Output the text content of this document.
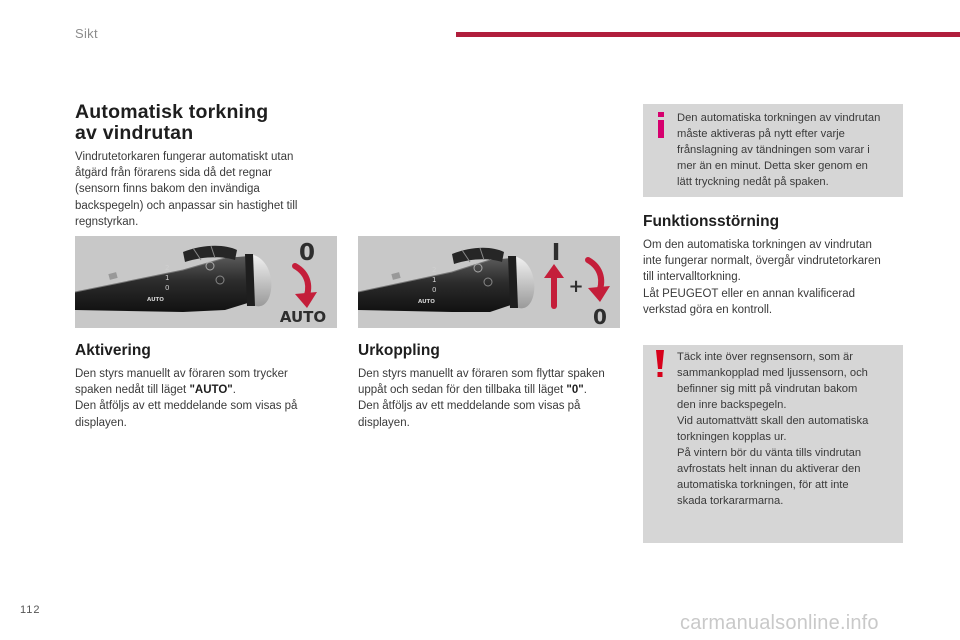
Sikt
Automatisk torkning
av vindrutan
Vindrutetorkaren fungerar automatiskt utan
åtgärd från förarens sida då det regnar
(sensorn finns bakom den invändiga
backspegeln) och anpassar sin hastighet till
regnstyrkan.
2
1
0
AUTO
0
AUTO
2
1
0
AUTO
I
+
0
Aktivering
Den styrs manuellt av föraren som trycker
spaken nedåt till läget "AUTO".
Den åtföljs av ett meddelande som visas på
displayen.
Urkoppling
Den styrs manuellt av föraren som flyttar spaken
uppåt och sedan för den tillbaka till läget "0".
Den åtföljs av ett meddelande som visas på
displayen.
Den automatiska torkningen av vindrutan
måste aktiveras på nytt efter varje
frånslagning av tändningen som varar i
mer än en minut. Detta sker genom en
lätt tryckning nedåt på spaken.
Funktionsstörning
Om den automatiska torkningen av vindrutan
inte fungerar normalt, övergår vindrutetorkaren
till intervalltorkning.
Låt PEUGEOT eller en annan kvalificerad
verkstad göra en kontroll.
Täck inte över regnsensorn, som är
sammankopplad med ljussensorn, och
befinner sig mitt på vindrutan bakom
den inre backspegeln.
Vid automattvätt skall den automatiska
torkningen kopplas ur.
På vintern bör du vänta tills vindrutan
avfrostats helt innan du aktiverar den
automatiska torkningen, för att inte
skada torkararmarna.
112
carmanualsonline.info
